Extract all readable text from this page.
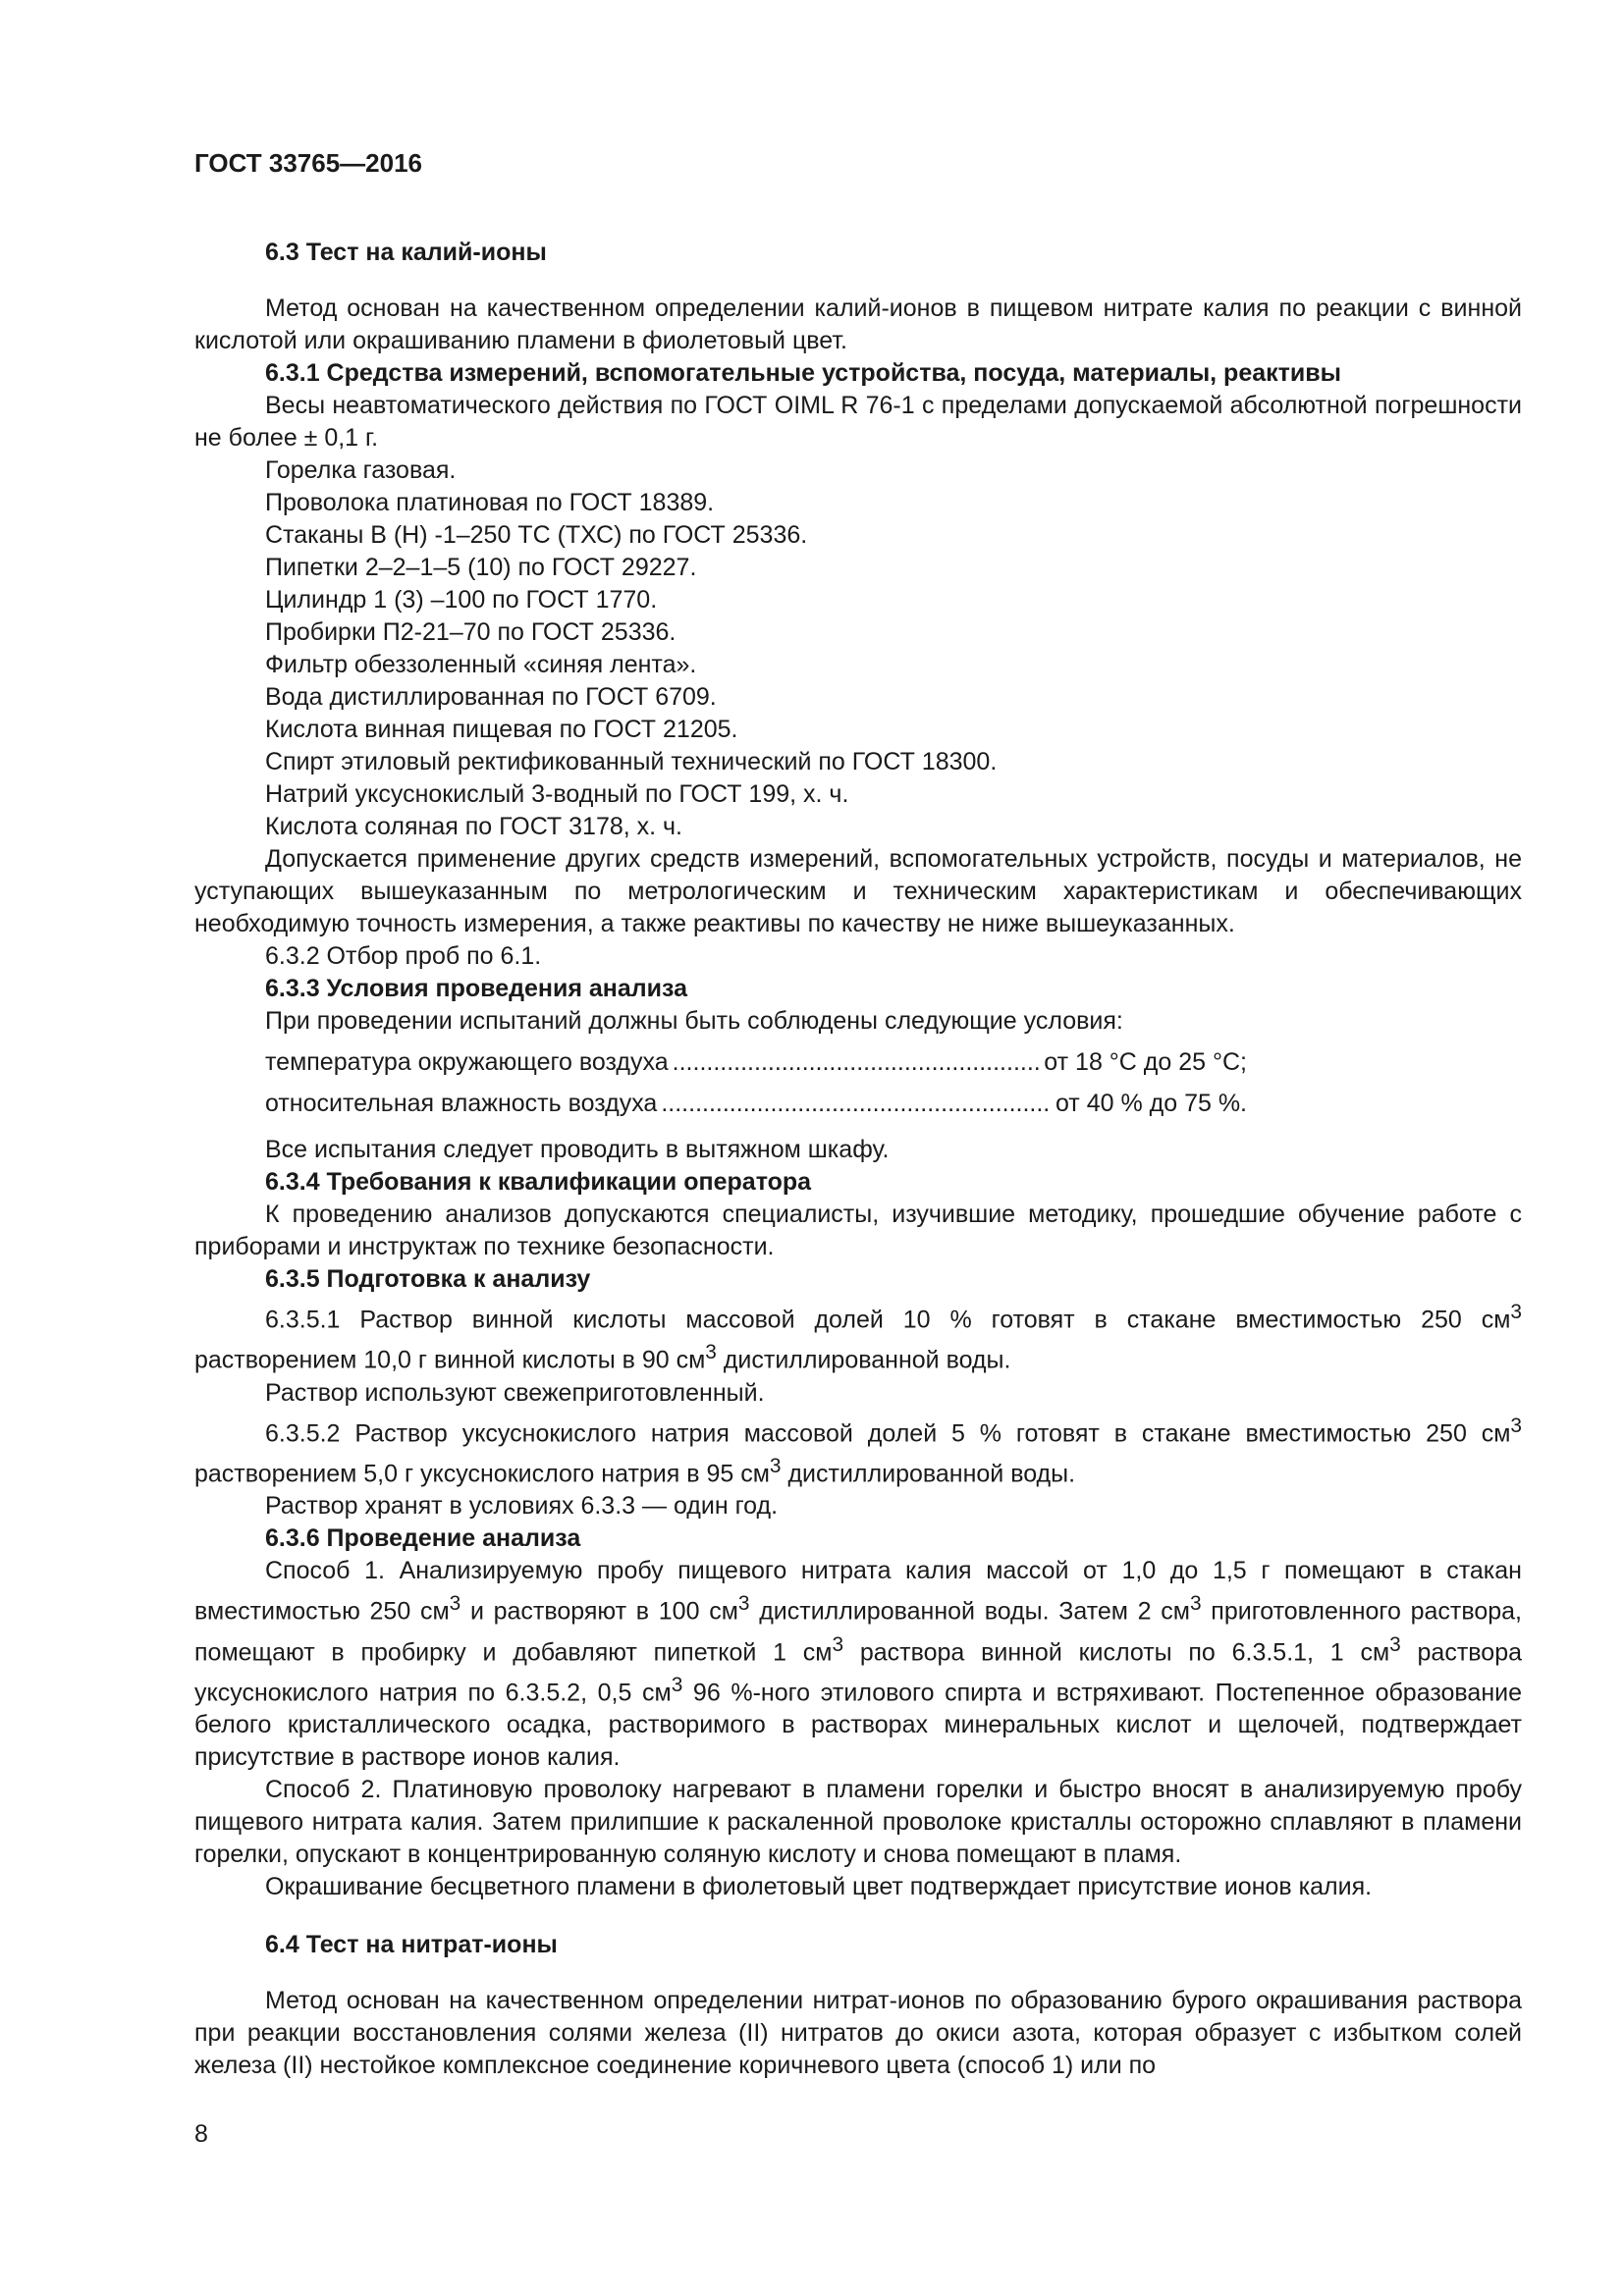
ГОСТ 33765—2016
6.3 Тест на калий-ионы

Метод основан на качественном определении калий-ионов в пищевом нитрате калия по реакции с винной кислотой или окрашиванию пламени в фиолетовый цвет.

6.3.1 Средства измерений, вспомогательные устройства, посуда, материалы, реактивы

Весы неавтоматического действия по ГОСТ OIML R 76-1 с пределами допускаемой абсолютной погрешности не более ± 0,1 г.

Горелка газовая.

Проволока платиновая по ГОСТ 18389.

Стаканы В (Н) -1–250 ТС (ТХС) по ГОСТ 25336.

Пипетки 2–2–1–5 (10) по ГОСТ 29227.

Цилиндр 1 (3) –100 по ГОСТ 1770.

Пробирки П2-21–70 по ГОСТ 25336.

Фильтр обеззоленный «синяя лента».

Вода дистиллированная по ГОСТ 6709.

Кислота винная пищевая по ГОСТ 21205.

Спирт этиловый ректификованный технический по ГОСТ 18300.

Натрий уксуснокислый 3-водный по ГОСТ 199, х. ч.

Кислота соляная по ГОСТ 3178, х. ч.

Допускается применение других средств измерений, вспомогательных устройств, посуды и материалов, не уступающих вышеуказанным по метрологическим и техническим характеристикам и обеспечивающих необходимую точность измерения, а также реактивы по качеству не ниже вышеуказанных.

6.3.2 Отбор проб по 6.1.

6.3.3 Условия проведения анализа

При проведении испытаний должны быть соблюдены следующие условия:

температура окружающего воздуха .....	от 18 °С до 25 °С;
относительная влажность воздуха .....	от 40 % до 75 %.

Все испытания следует проводить в вытяжном шкафу.

6.3.4 Требования к квалификации оператора

К проведению анализов допускаются специалисты, изучившие методику, прошедшие обучение работе с приборами и инструктаж по технике безопасности.

6.3.5 Подготовка к анализу

6.3.5.1 Раствор винной кислоты массовой долей 10 % готовят в стакане вместимостью 250 $см^3$ растворением 10,0 г винной кислоты в 90 $см^3$ дистиллированной воды.

Раствор используют свежеприготовленный.

6.3.5.2 Раствор уксуснокислого натрия массовой долей 5 % готовят в стакане вместимостью 250 $см^3$ растворением 5,0 г уксуснокислого натрия в 95 $см^3$ дистиллированной воды.

Раствор хранят в условиях 6.3.3 — один год.

6.3.6 Проведение анализа

Способ 1. Анализируемую пробу пищевого нитрата калия массой от 1,0 до 1,5 г помещают в стакан вместимостью 250 $см^3$ и растворяют в 100 $см^3$ дистиллированной воды. Затем 2 $см^3$ приготовленного раствора, помещают в пробирку и добавляют пипеткой 1 $см^3$ раствора винной кислоты по 6.3.5.1, 1 $см^3$ раствора уксуснокислого натрия по 6.3.5.2, 0,5 $см^3$ 96 %-ного этилового спирта и встряхивают. Постепенное образование белого кристаллического осадка, растворимого в растворах минеральных кислот и щелочей, подтверждает присутствие в растворе ионов калия.

Способ 2. Платиновую проволоку нагревают в пламени горелки и быстро вносят в анализируемую пробу пищевого нитрата калия. Затем прилипшие к раскаленной проволоке кристаллы осторожно сплавляют в пламени горелки, опускают в концентрированную соляную кислоту и снова помещают в пламя.

Окрашивание бесцветного пламени в фиолетовый цвет подтверждает присутствие ионов калия.

6.4 Тест на нитрат-ионы

Метод основан на качественном определении нитрат-ионов по образованию бурого окрашивания раствора при реакции восстановления солями железа (II) нитратов до окиси азота, которая образует с избытком солей железа (II) нестойкое комплексное соединение коричневого цвета (способ 1) или по

8
